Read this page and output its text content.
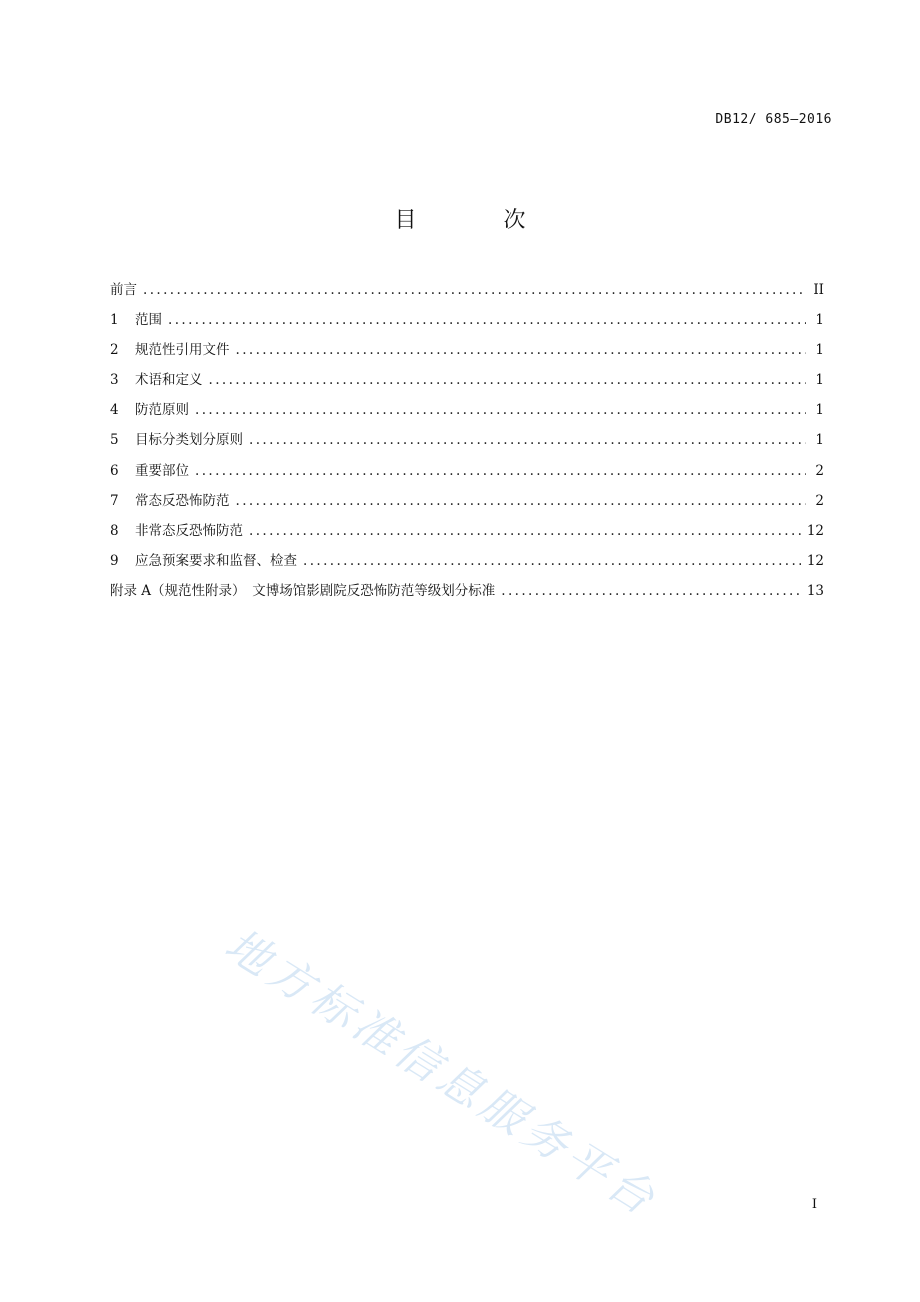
DB12/ 685—2016
目 次
前言 .....	II
1	范围 .....	1
2	规范性引用文件 .....	1
3	术语和定义 .....	1
4	防范原则 .....	1
5	目标分类划分原则 .....	1
6	重要部位 .....	2
7	常态反恐怖防范 .....	2
8	非常态反恐怖防范 .....	12
9	应急预案要求和监督、检查 .....	12
附录 A（规范性附录）　文博场馆影剧院反恐怖防范等级划分标准 .....	13
地方标准信息服务平台	I
